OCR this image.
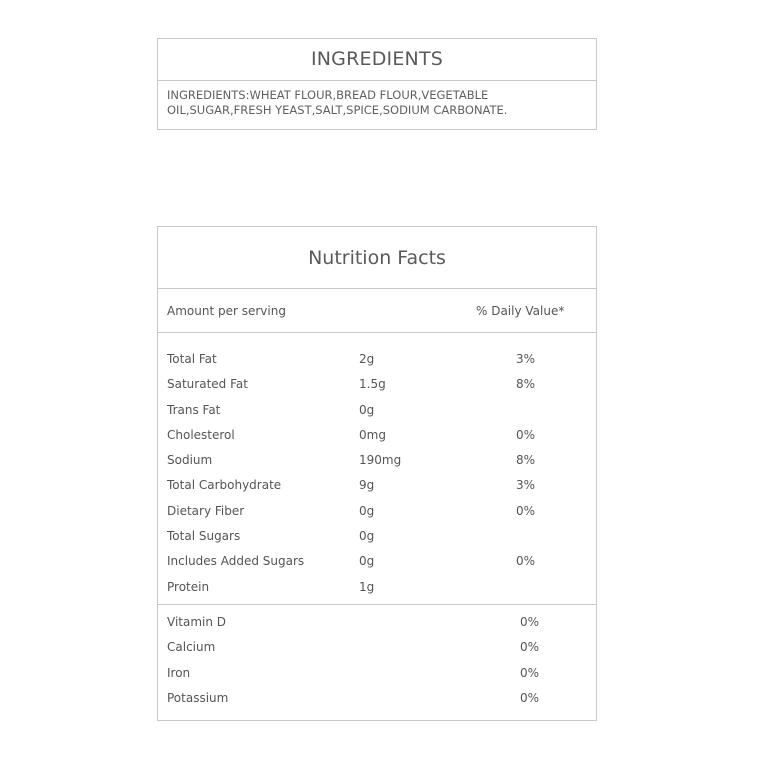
INGREDIENTS
INGREDIENTS:WHEAT FLOUR,BREAD FLOUR,VEGETABLE OIL,SUGAR,FRESH YEAST,SALT,SPICE,SODIUM CARBONATE.
Nutrition Facts
Amount per serving	% Daily Value*
Total Fat	2g	3%
Saturated Fat	1.5g	8%
Trans Fat	0g
Cholesterol	0mg	0%
Sodium	190mg	8%
Total Carbohydrate	9g	3%
Dietary Fiber	0g	0%
Total Sugars	0g
Includes Added Sugars	0g	0%
Protein	1g
Vitamin D	0%
Calcium	0%
Iron	0%
Potassium	0%
